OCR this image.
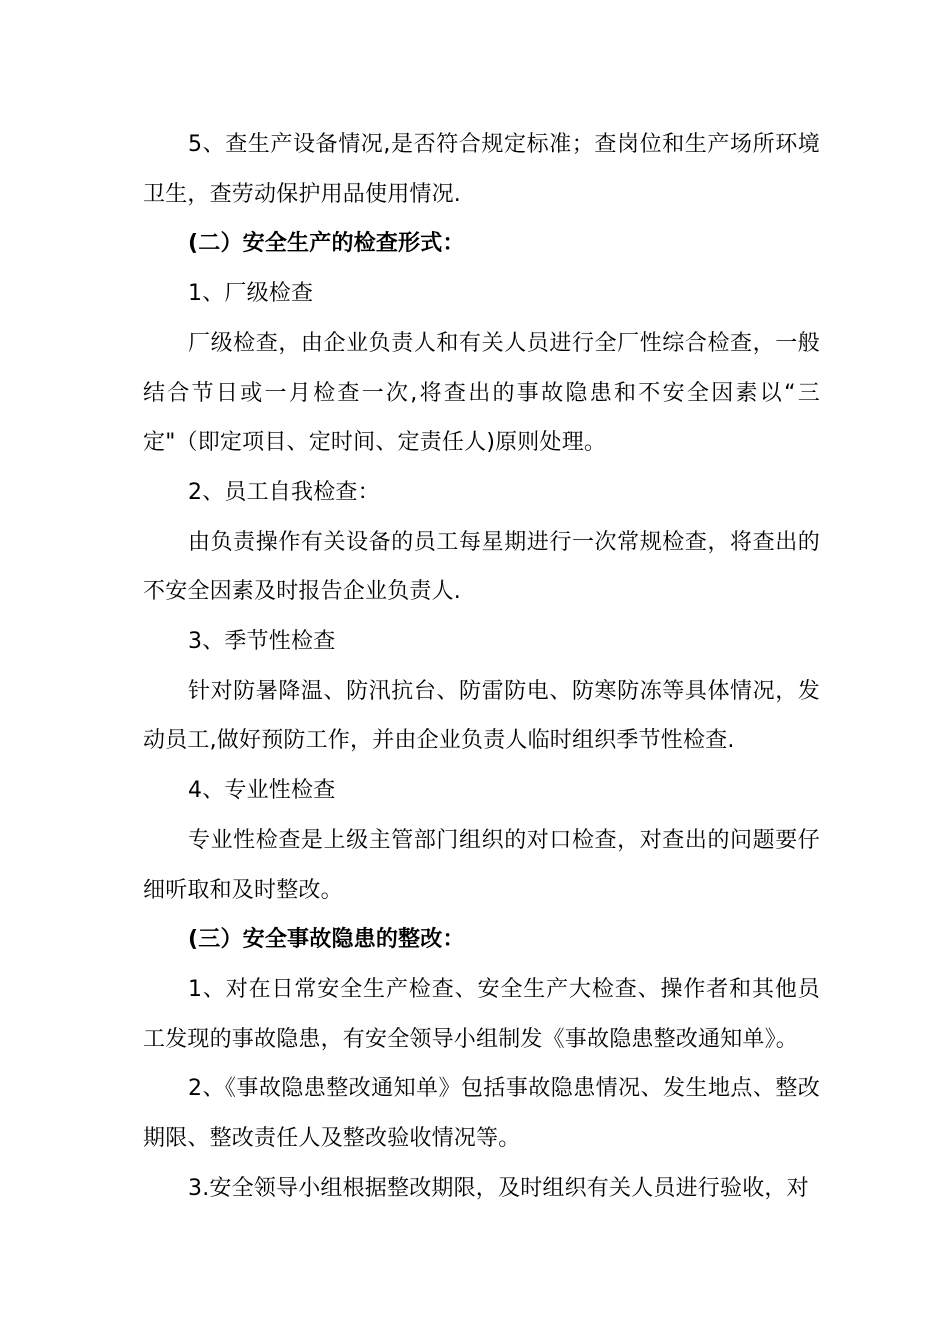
5、查生产设备情况,是否符合规定标准；查岗位和生产场所环境卫生，查劳动保护用品使用情况.

(二）安全生产的检查形式：

1、厂级检查

厂级检查，由企业负责人和有关人员进行全厂性综合检查，一般结合节日或一月检查一次,将查出的事故隐患和不安全因素以“三定"（即定项目、定时间、定责任人)原则处理。

2、员工自我检查：

由负责操作有关设备的员工每星期进行一次常规检查，将查出的不安全因素及时报告企业负责人.

3、季节性检查

针对防暑降温、防汛抗台、防雷防电、防寒防冻等具体情况，发动员工,做好预防工作，并由企业负责人临时组织季节性检查.

4、专业性检查

专业性检查是上级主管部门组织的对口检查，对查出的问题要仔细听取和及时整改。

(三）安全事故隐患的整改：

1、对在日常安全生产检查、安全生产大检查、操作者和其他员工发现的事故隐患，有安全领导小组制发《事故隐患整改通知单》。

2、《事故隐患整改通知单》包括事故隐患情况、发生地点、整改期限、整改责任人及整改验收情况等。

3.安全领导小组根据整改期限，及时组织有关人员进行验收，对
